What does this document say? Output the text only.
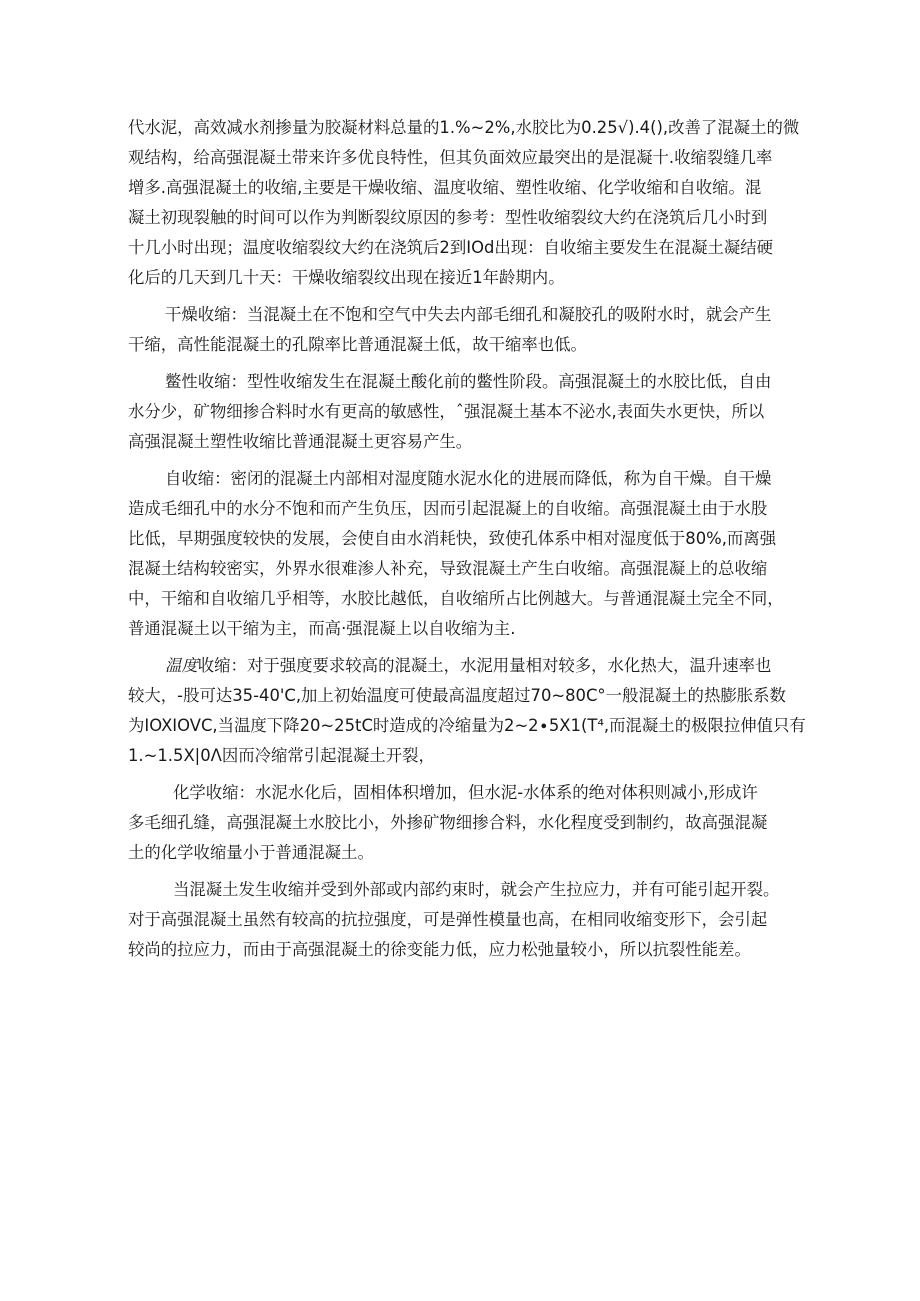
代水泥，高效减水剂掺量为胶凝材料总量的1.%~2%,水胶比为0.25√).4(),改善了混凝土的微
观结构，给高强混凝土带来许多优良特性，但其负面效应最突出的是混凝十.收缩裂缝几率
增多.高强混凝土的收缩,主要是干燥收缩、温度收缩、塑性收缩、化学收缩和自收缩。混
凝土初现裂触的时间可以作为判断裂纹原因的参考：型性收缩裂纹大约在浇筑后几小时到
十几小时出现；温度收缩裂纹大约在浇筑后2到IOd出现：自收缩主要发生在混凝土凝结硬
化后的几天到几十天：干燥收缩裂纹出现在接近1年龄期内。

干燥收缩：当混凝土在不饱和空气中失去内部毛细孔和凝胶孔的吸附水时，就会产生
干缩，高性能混凝土的孔隙率比普通混凝土低，故干缩率也低。

鳖性收缩：型性收缩发生在混凝土酸化前的鳖性阶段。高强混凝土的水胶比低，自由
水分少，矿物细掺合料时水有更高的敏感性，ˆ强混凝土基本不泌水,表面失水更快，所以
高强混凝土塑性收缩比普通混凝土更容易产生。

自收缩：密闭的混凝土内部相对湿度随水泥水化的进展而降低，称为自干燥。自干燥
造成毛细孔中的水分不饱和而产生负压，因而引起混凝上的自收缩。高强混凝土由于水股
比低，早期强度较快的发展，会使自由水消耗快，致使孔体系中相对湿度低于80%,而离强
混凝土结构较密实，外界水很难渗人补充，导致混凝土产生白收缩。高强混凝上的总收缩
中，干缩和自收缩几乎相等，水胶比越低，自收缩所占比例越大。与普通混凝土完全不同，
普通混凝土以干缩为主，而高·强混凝上以自收缩为主.

温度收缩：对于强度要求较高的混凝土，水泥用量相对较多，水化热大，温升速率也
较大，-股可达35-40'C,加上初始温度可使最高温度超过70~80C°一般混凝土的热膨胀系数
为IOXIOVC,当温度下降20~25tC时造成的冷缩量为2~2∙5X1(T⁴,而混凝土的极限拉伸值只有
1.~1.5X|0Λ因而冷缩常引起混凝土开裂，

化学收缩：水泥水化后，固相体积增加，但水泥-水体系的绝对体积则减小,形成许
多毛细孔缝，高强混凝土水胶比小，外掺矿物细掺合料，水化程度受到制约，故高强混凝
土的化学收缩量小于普通混凝土。

当混凝土发生收缩并受到外部或内部约束时，就会产生拉应力，并有可能引起开裂。
对于高强混凝土虽然有较高的抗拉强度，可是弹性模量也高，在相同收缩变形下，会引起
较尚的拉应力，而由于高强混凝土的徐变能力低，应力松弛量较小，所以抗裂性能差。
